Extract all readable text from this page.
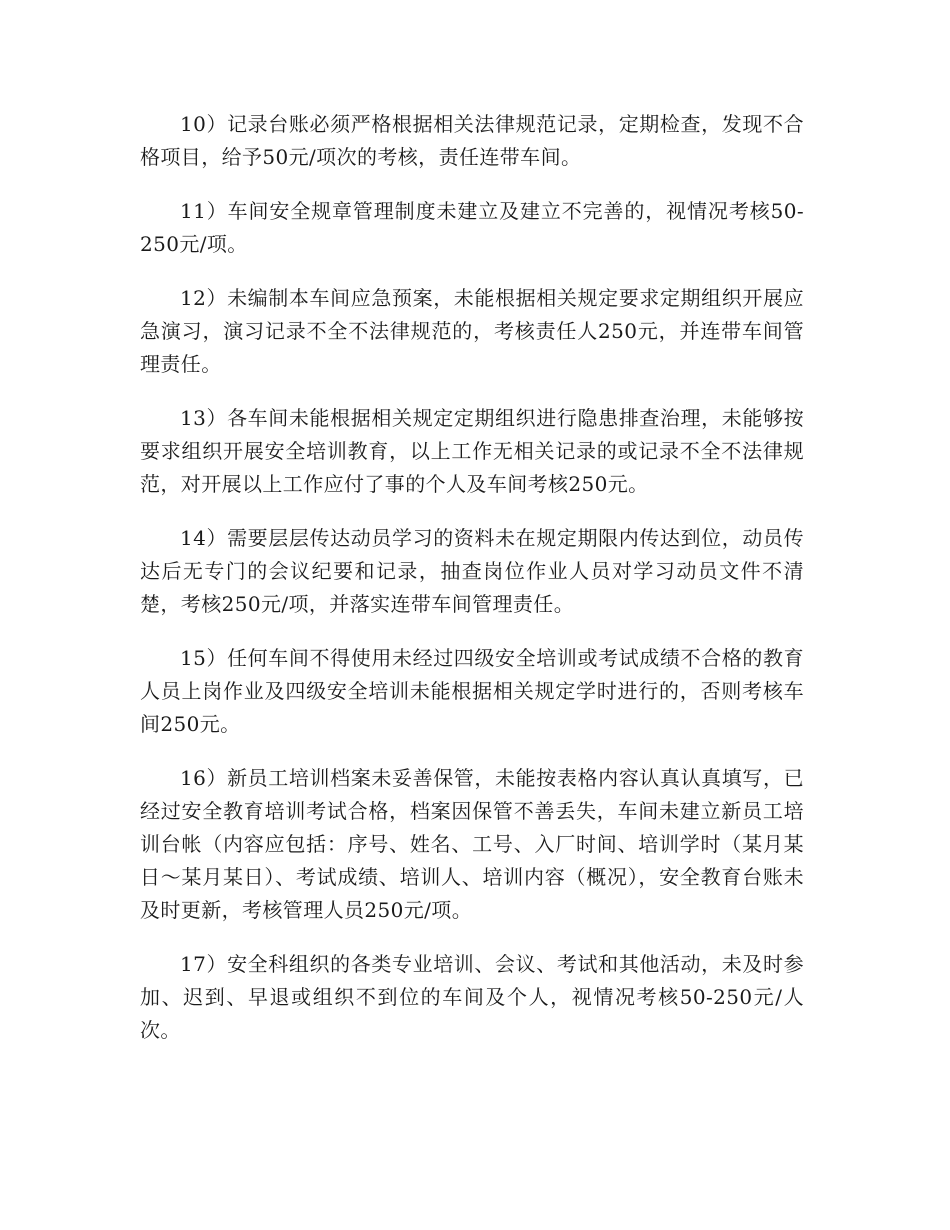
10）记录台账必须严格根据相关法律规范记录，定期检查，发现不合格项目，给予50元/项次的考核，责任连带车间。

11）车间安全规章管理制度未建立及建立不完善的，视情况考核50-250元/项。

12）未编制本车间应急预案，未能根据相关规定要求定期组织开展应急演习，演习记录不全不法律规范的，考核责任人250元，并连带车间管理责任。

13）各车间未能根据相关规定定期组织进行隐患排查治理，未能够按要求组织开展安全培训教育，以上工作无相关记录的或记录不全不法律规范，对开展以上工作应付了事的个人及车间考核250元。

14）需要层层传达动员学习的资料未在规定期限内传达到位，动员传达后无专门的会议纪要和记录，抽查岗位作业人员对学习动员文件不清楚，考核250元/项，并落实连带车间管理责任。

15）任何车间不得使用未经过四级安全培训或考试成绩不合格的教育人员上岗作业及四级安全培训未能根据相关规定学时进行的，否则考核车间250元。

16）新员工培训档案未妥善保管，未能按表格内容认真认真填写，已经过安全教育培训考试合格，档案因保管不善丢失，车间未建立新员工培训台帐（内容应包括：序号、姓名、工号、入厂时间、培训学时（某月某日～某月某日）、考试成绩、培训人、培训内容（概况），安全教育台账未及时更新，考核管理人员250元/项。

17）安全科组织的各类专业培训、会议、考试和其他活动，未及时参加、迟到、早退或组织不到位的车间及个人，视情况考核50-250元/人次。
